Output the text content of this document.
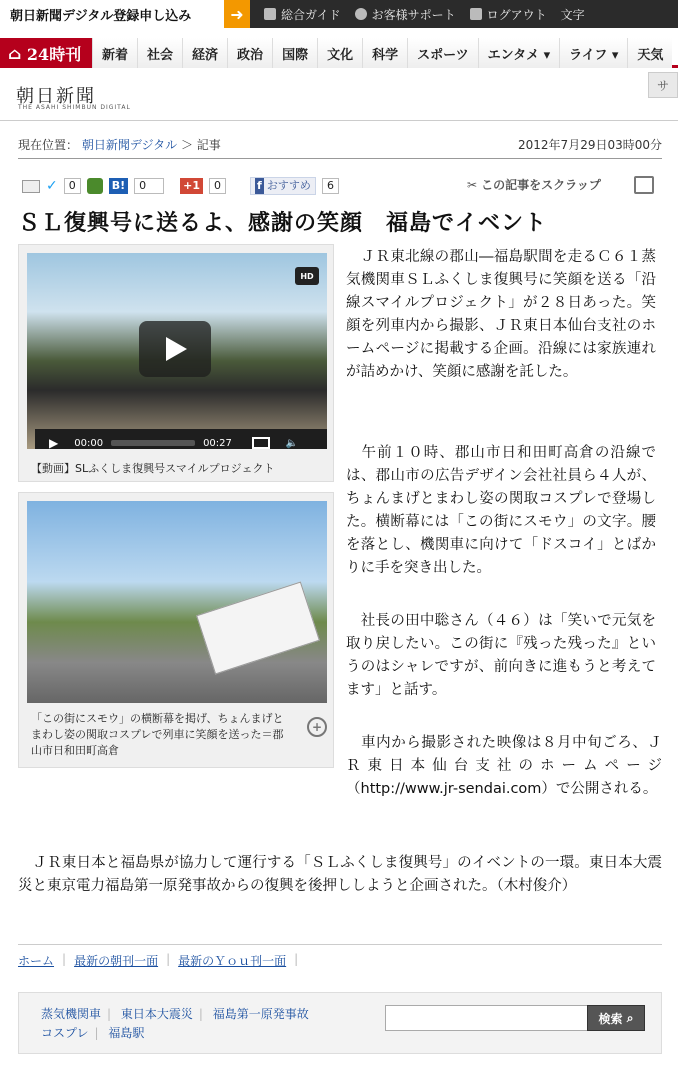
朝日新聞デジタル登録申し込み	➜	総合ガイド	お客様サポート	ログアウト 文字
⌂ 24時刊	新着	社会	経済	政治	国際	文化	科学	スポーツ	エンタメ ▾	ライフ ▾	天気
朝日新聞
THE ASAHI SHIMBUN DIGITAL
サ
現在位置： 朝日新聞デジタル ＞ 記事	2012年7月29日03時00分
✓	0	B!	0	+1	0	f おすすめ	6	✂ この記事をスクラップ
ＳＬ復興号に送るよ、感謝の笑顔　福島でイベント
HD
▶ 00:00	00:27	🔈
【動画】SLふくしま復興号スマイルプロジェクト
「この街にスモウ」の横断幕を掲げ、ちょんまげとまわし姿の関取コスプレで列車に笑顔を送った＝郡山市日和田町高倉
+

　ＪＲ東北線の郡山―福島駅間を走るＣ６１蒸気機関車ＳＬふくしま復興号に笑顔を送る「沿線スマイルプロジェクト」が２８日あった。笑顔を列車内から撮影、ＪＲ東日本仙台支社のホームページに掲載する企画。沿線には家族連れが詰めかけ、笑顔に感謝を託した。

　午前１０時、郡山市日和田町高倉の沿線では、郡山市の広告デザイン会社社員ら４人が、ちょんまげとまわし姿の関取コスプレで登場した。横断幕には「この街にスモウ」の文字。腰を落とし、機関車に向けて「ドスコイ」とばかりに手を突き出した。

　社長の田中聡さん（４６）は「笑いで元気を取り戻したい。この街に『残った残った』というのはシャレですが、前向きに進もうと考えてます」と話す。

　車内から撮影された映像は８月中旬ごろ、ＪＲ東日本仙台支社のホームページ（http://www.jr-sendai.com）で公開される。

　ＪＲ東日本と福島県が協力して運行する「ＳＬふくしま復興号」のイベントの一環。東日本大震災と東京電力福島第一原発事故からの復興を後押ししようと企画された。（木村俊介）

ホーム | 最新の朝刊一面 | 最新のＹｏｕ刊一面 |
蒸気機関車 | 東日本大震災 | 福島第一原発事故
コスプレ | 福島駅
検索
⌕
